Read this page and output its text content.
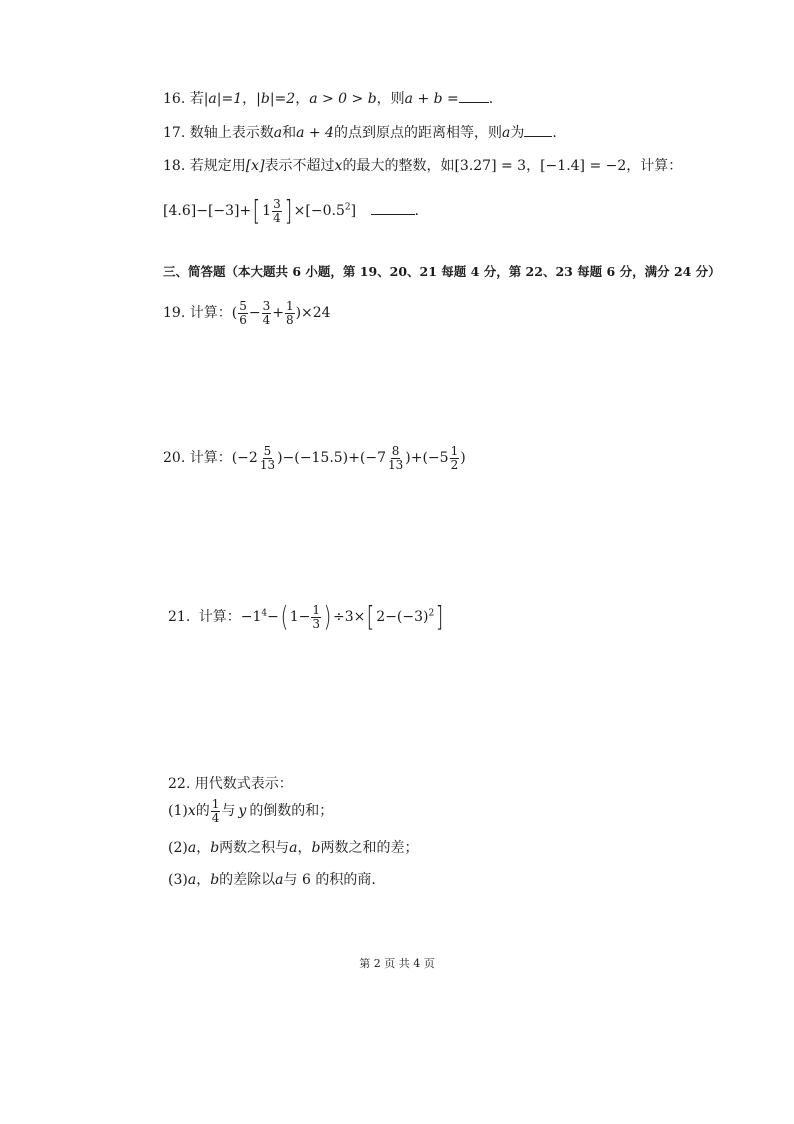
16. 若|a|=1，|b|=2，a > 0 > b，则a + b = .
17. 数轴上表示数a和a + 4的点到原点的距离相等，则a为 .
18. 若规定用[x]表示不超过x的最大的整数，如[3.27] = 3，[−1.4] = −2，计算：
[4.6]−[−3]+[ $1 \frac{3}{4}$ ] $\times[-0.5^2]$	.
三、简答题（本大题共 6 小题，第 19、20、21 每题 4 分，第 22、23 每题 6 分，满分 24 分）
19. 计算：( $\frac{5}{6} - \frac{3}{4} + \frac{1}{8} )\times 24$
20. 计算：$(-2 \frac{5}{13} )-(-15.5)+(-7 \frac{8}{13} )+(-5 \frac{1}{2}$ )
21. 计算：$-1^4-$( $1- \frac{1}{3}$ ) ÷3×[ $2-(-3)^2$]
22. 用代数式表示：
(1)x的 $\frac{1}{4}$ 与 y 的倒数的和；
(2)a，b两数之积与a，b两数之和的差；
(3)a，b的差除以a与 6 的积的商.
第 2 页 共 4 页
